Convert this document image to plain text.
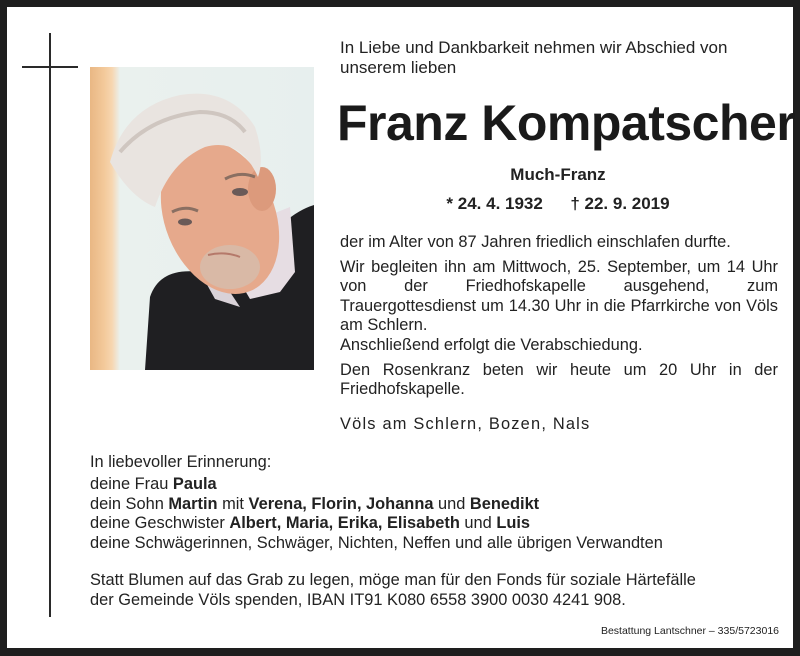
In Liebe und Dankbarkeit nehmen wir Abschied von
unserem lieben
Franz Kompatscher
Much-Franz
* 24. 4. 1932 † 22. 9. 2019

der im Alter von 87 Jahren friedlich einschlafen durfte.

Wir begleiten ihn am Mittwoch, 25. September, um 14 Uhr von der Friedhofskapelle ausgehend, zum Trauergottesdienst um 14.30 Uhr in die Pfarrkirche von Völs am Schlern.

Anschließend erfolgt die Verabschiedung.

Den Rosenkranz beten wir heute um 20 Uhr in der Friedhofskapelle.

Völs am Schlern, Bozen, Nals
In liebevoller Erinnerung:
deine Frau Paula
dein Sohn Martin mit Verena, Florin, Johanna und Benedikt
deine Geschwister Albert, Maria, Erika, Elisabeth und Luis
deine Schwägerinnen, Schwäger, Nichten, Neffen und alle übrigen Verwandten
Statt Blumen auf das Grab zu legen, möge man für den Fonds für soziale Härtefälle
der Gemeinde Völs spenden, IBAN IT91 K080 6558 3900 0030 4241 908.
Bestattung Lantschner – 335/5723016
